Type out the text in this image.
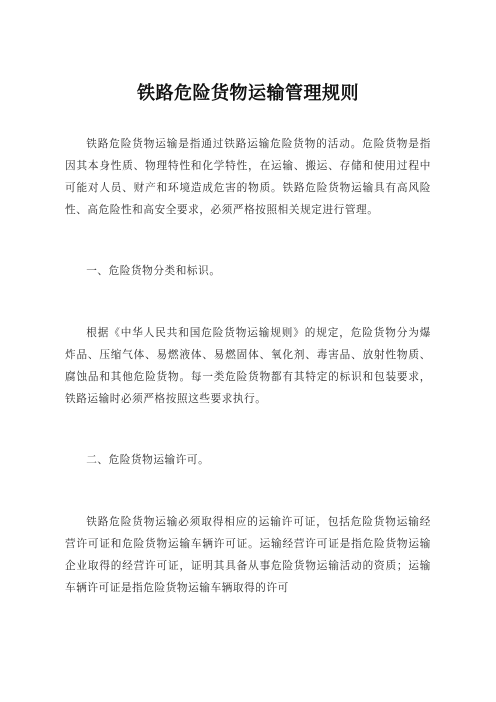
铁路危险货物运输管理规则

铁路危险货物运输是指通过铁路运输危险货物的活动。危险货物是指因其本身性质、物理特性和化学特性，在运输、搬运、存储和使用过程中可能对人员、财产和环境造成危害的物质。铁路危险货物运输具有高风险性、高危险性和高安全要求，必须严格按照相关规定进行管理。

一、危险货物分类和标识。

根据《中华人民共和国危险货物运输规则》的规定，危险货物分为爆炸品、压缩气体、易燃液体、易燃固体、氧化剂、毒害品、放射性物质、腐蚀品和其他危险货物。每一类危险货物都有其特定的标识和包装要求，铁路运输时必须严格按照这些要求执行。

二、危险货物运输许可。

铁路危险货物运输必须取得相应的运输许可证，包括危险货物运输经营许可证和危险货物运输车辆许可证。运输经营许可证是指危险货物运输企业取得的经营许可证，证明其具备从事危险货物运输活动的资质；运输车辆许可证是指危险货物运输车辆取得的许可
